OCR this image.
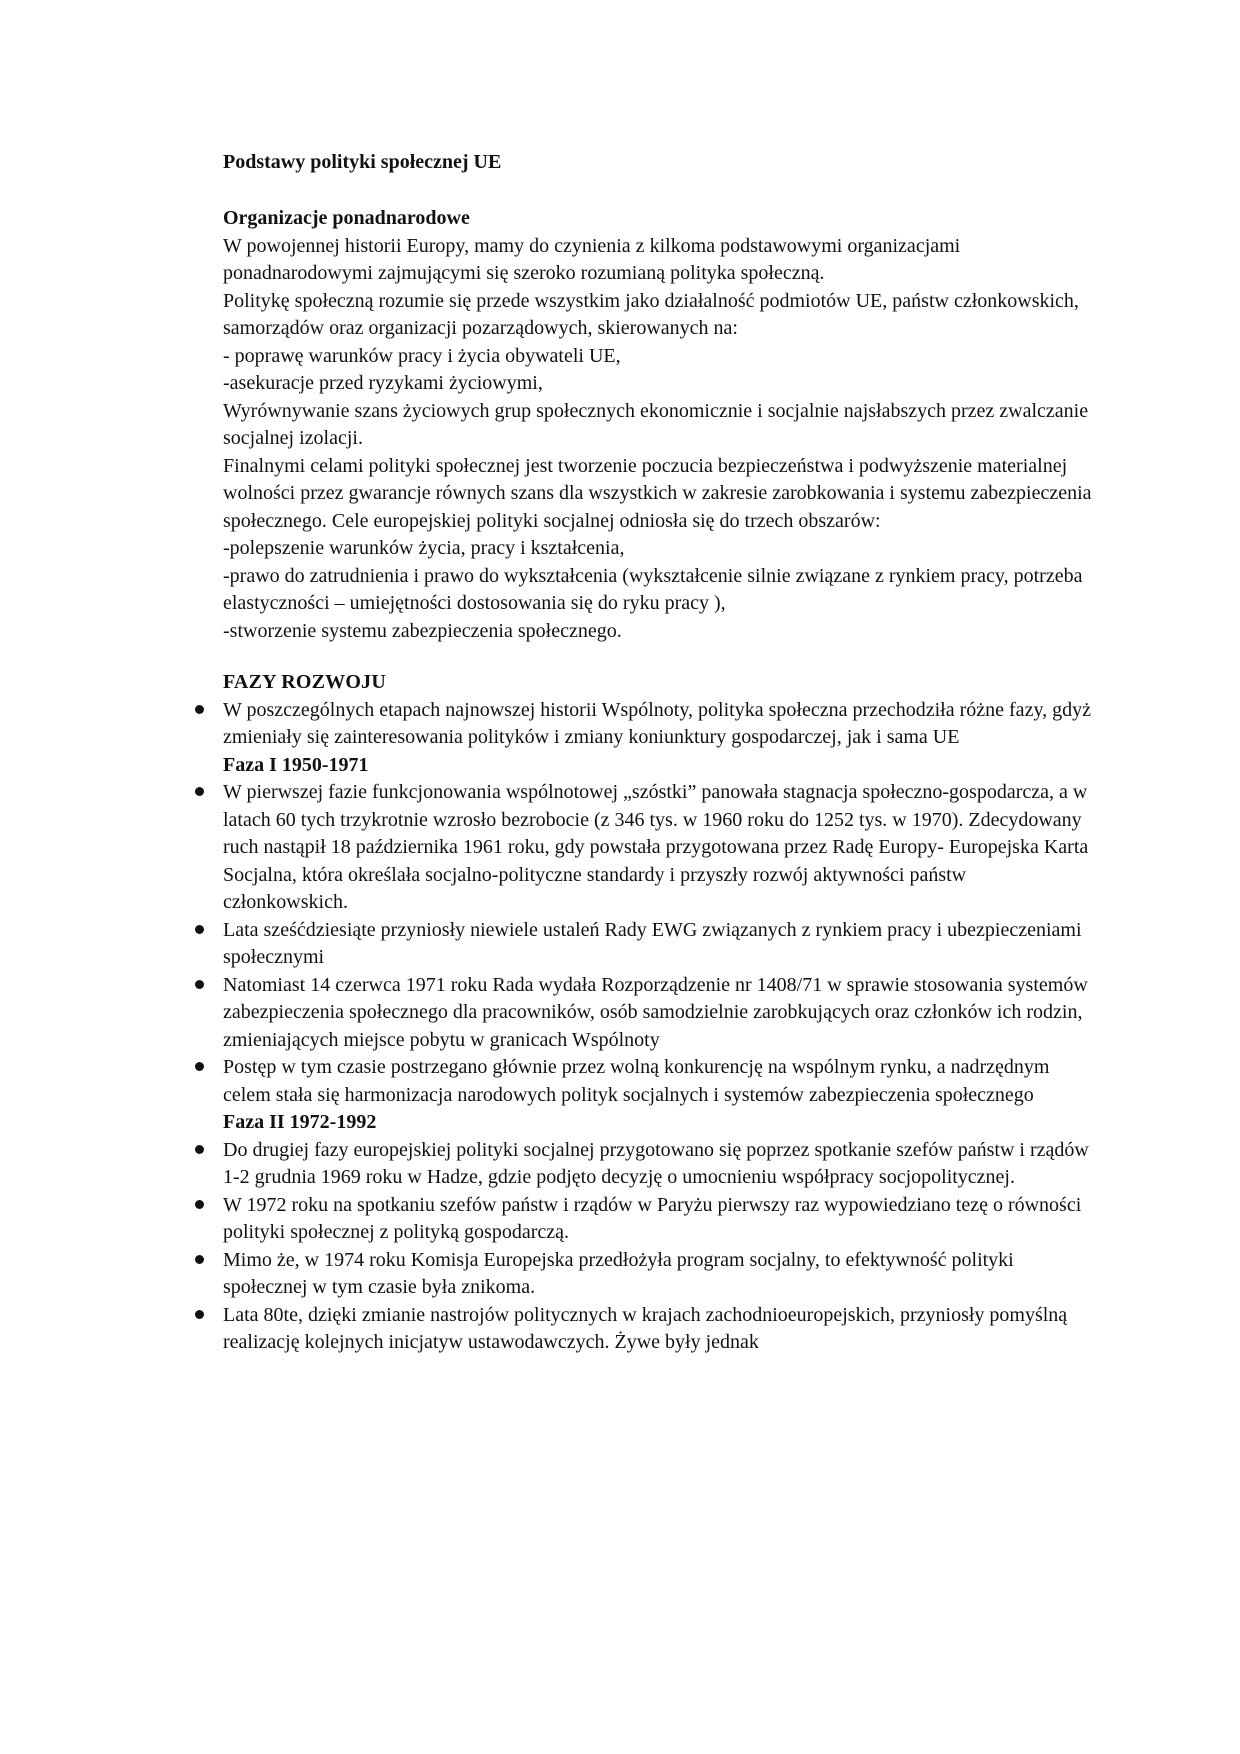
Podstawy polityki społecznej UE

Organizacje ponadnarodowe

W powojennej historii Europy, mamy do czynienia z kilkoma podstawowymi organizacjami ponadnarodowymi zajmującymi się szeroko rozumianą polityka społeczną.

Politykę społeczną rozumie się przede wszystkim jako działalność podmiotów UE, państw członkowskich, samorządów oraz organizacji pozarządowych, skierowanych na:

- poprawę warunków pracy i życia obywateli UE,

-asekuracje przed ryzykami życiowymi,

Wyrównywanie szans życiowych grup społecznych ekonomicznie i socjalnie najsłabszych przez zwalczanie socjalnej izolacji.

Finalnymi celami polityki społecznej jest tworzenie poczucia bezpieczeństwa i podwyższenie materialnej wolności przez gwarancje równych szans dla wszystkich w zakresie zarobkowania i systemu zabezpieczenia społecznego. Cele europejskiej polityki socjalnej odniosła się do trzech obszarów:

-polepszenie warunków życia, pracy i kształcenia,

-prawo do zatrudnienia i prawo do wykształcenia (wykształcenie silnie związane z rynkiem pracy, potrzeba elastyczności – umiejętności dostosowania się do ryku pracy ),

-stworzenie systemu zabezpieczenia społecznego.

FAZY ROZWOJU

W poszczególnych etapach najnowszej historii Wspólnoty, polityka społeczna przechodziła różne fazy, gdyż zmieniały się zainteresowania polityków i zmiany koniunktury gospodarczej, jak i sama UE

Faza I 1950-1971

W pierwszej fazie funkcjonowania wspólnotowej „szóstki” panowała stagnacja społeczno-gospodarcza, a w latach 60 tych trzykrotnie wzrosło bezrobocie (z 346 tys. w 1960 roku do 1252 tys. w 1970). Zdecydowany ruch nastąpił 18 października 1961 roku, gdy powstała przygotowana przez Radę Europy- Europejska Karta Socjalna, która określała socjalno-polityczne standardy i przyszły rozwój aktywności państw członkowskich.
Lata sześćdziesiąte przyniosły niewiele ustaleń Rady EWG związanych z rynkiem pracy i ubezpieczeniami społecznymi
Natomiast 14 czerwca 1971 roku Rada wydała Rozporządzenie nr 1408/71 w sprawie stosowania systemów zabezpieczenia społecznego dla pracowników, osób samodzielnie zarobkujących oraz członków ich rodzin, zmieniających miejsce pobytu w granicach Wspólnoty
Postęp w tym czasie postrzegano głównie przez wolną konkurencję na wspólnym rynku, a nadrzędnym celem stała się harmonizacja narodowych polityk socjalnych i systemów zabezpieczenia społecznego

Faza II 1972-1992

Do drugiej fazy europejskiej polityki socjalnej przygotowano się poprzez spotkanie szefów państw i rządów 1-2 grudnia 1969 roku w Hadze, gdzie podjęto decyzję o umocnieniu współpracy socjopolitycznej.
W 1972 roku na spotkaniu szefów państw i rządów w Paryżu pierwszy raz wypowiedziano tezę o równości polityki społecznej z polityką gospodarczą.
Mimo że, w 1974 roku Komisja Europejska przedłożyła program socjalny, to efektywność polityki społecznej w tym czasie była znikoma.
Lata 80te, dzięki zmianie nastrojów politycznych w krajach zachodnioeuropejskich, przyniosły pomyślną realizację kolejnych inicjatyw ustawodawczych. Żywe były jednak
